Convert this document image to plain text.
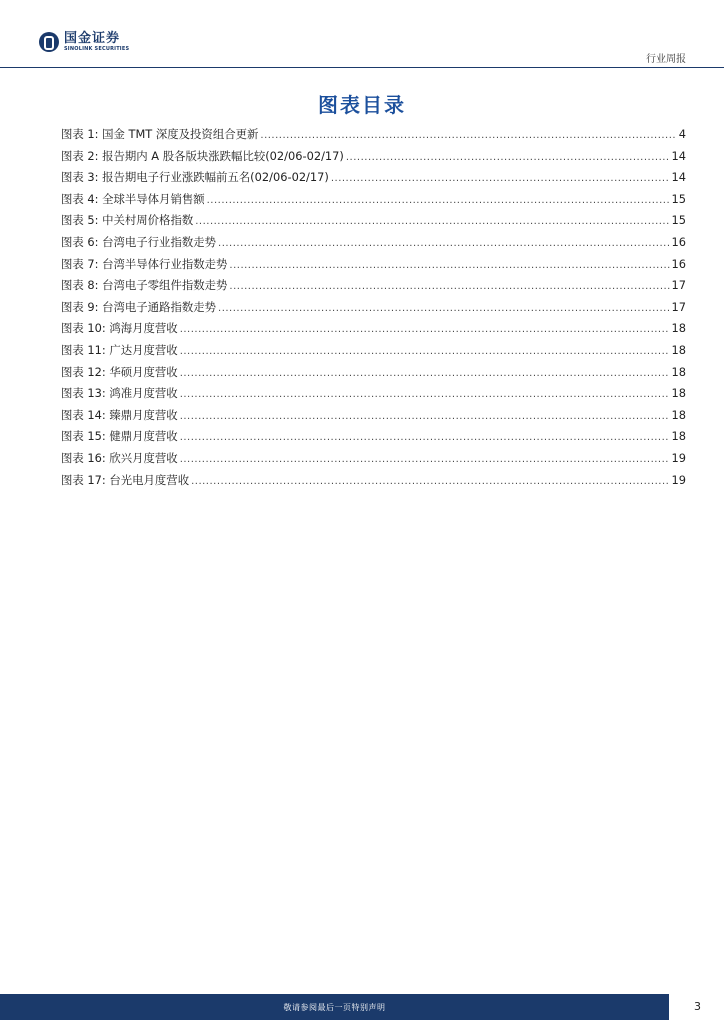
国金证券
SINOLINK SECURITIES
行业周报
图表目录
图表 1: 国金 TMT 深度及投资组合更新 .....	4
图表 2: 报告期内 A 股各版块涨跌幅比较(02/06-02/17) .....	14
图表 3: 报告期电子行业涨跌幅前五名(02/06-02/17) .....	14
图表 4: 全球半导体月销售额 .....	15
图表 5: 中关村周价格指数 .....	15
图表 6: 台湾电子行业指数走势 .....	16
图表 7: 台湾半导体行业指数走势 .....	16
图表 8: 台湾电子零组件指数走势 .....	17
图表 9: 台湾电子通路指数走势 .....	17
图表 10: 鸿海月度营收 .....	18
图表 11: 广达月度营收 .....	18
图表 12: 华硕月度营收 .....	18
图表 13: 鸿准月度营收 .....	18
图表 14: 臻鼎月度营收 .....	18
图表 15: 健鼎月度营收 .....	18
图表 16: 欣兴月度营收 .....	19
图表 17: 台光电月度营收 .....	19
敬请参阅最后一页特别声明	3
